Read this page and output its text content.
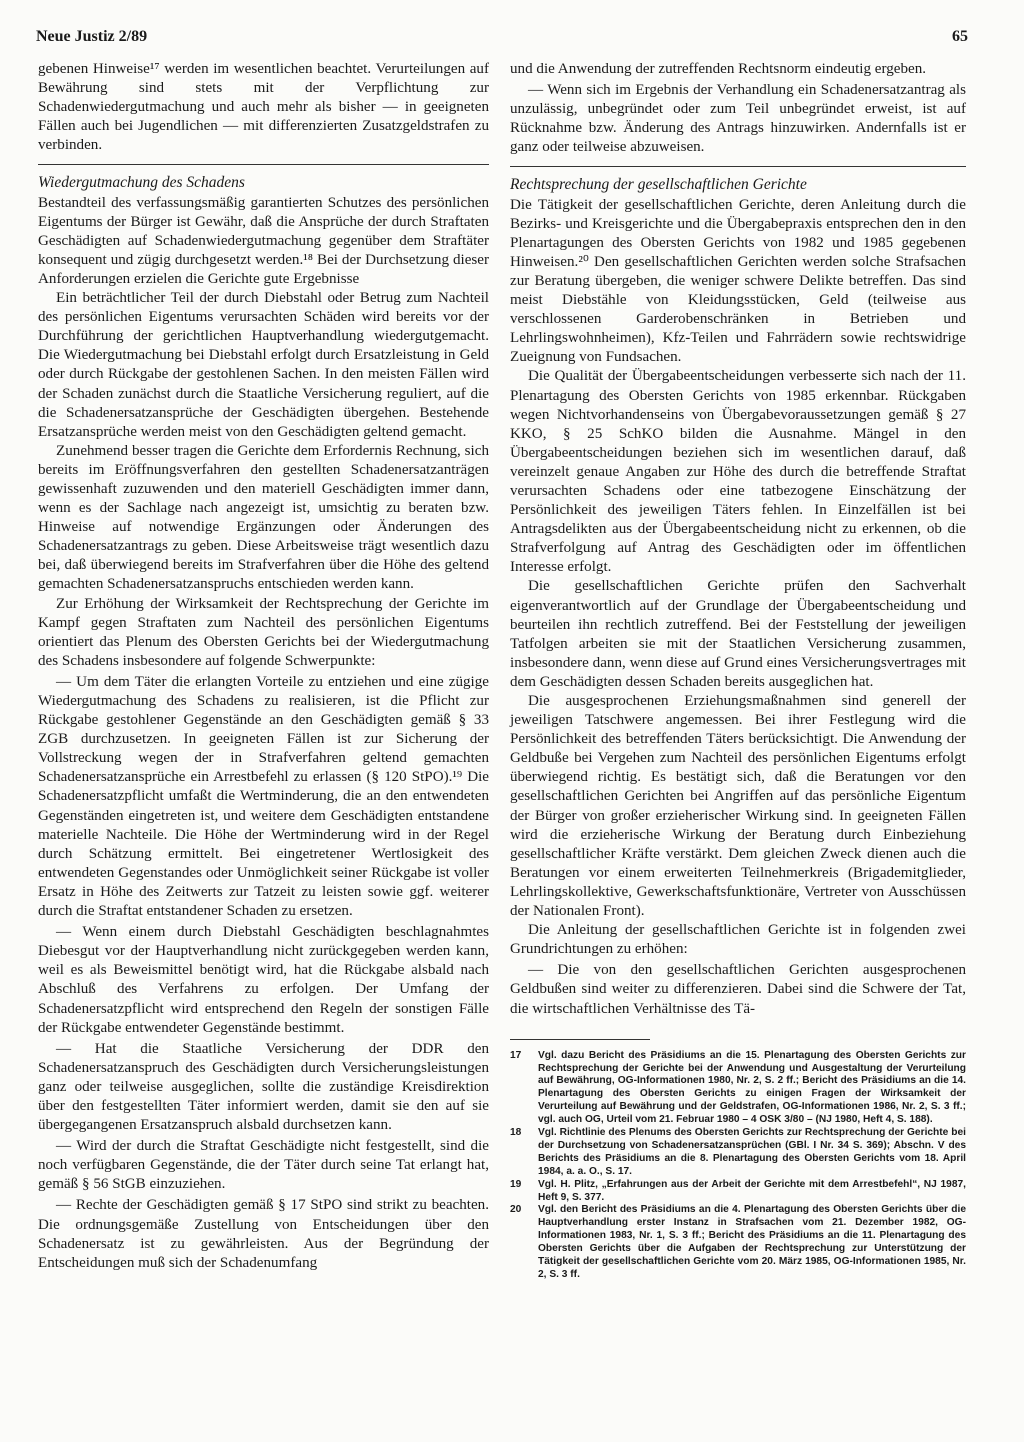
Neue Justiz 2/89	65

gebenen Hinweise¹⁷ werden im wesentlichen beachtet. Verurteilungen auf Bewährung sind stets mit der Verpflichtung zur Schadenwiedergutmachung und auch mehr als bisher — in geeigneten Fällen auch bei Jugendlichen — mit differenzierten Zusatzgeldstrafen zu verbinden.

Wiedergutmachung des Schadens

Bestandteil des verfassungsmäßig garantierten Schutzes des persönlichen Eigentums der Bürger ist Gewähr, daß die Ansprüche der durch Straftaten Geschädigten auf Schadenwiedergutmachung gegenüber dem Straftäter konsequent und zügig durchgesetzt werden.¹⁸ Bei der Durchsetzung dieser Anforderungen erzielen die Gerichte gute Ergebnisse

Ein beträchtlicher Teil der durch Diebstahl oder Betrug zum Nachteil des persönlichen Eigentums verursachten Schäden wird bereits vor der Durchführung der gerichtlichen Hauptverhandlung wiedergutgemacht. Die Wiedergutmachung bei Diebstahl erfolgt durch Ersatzleistung in Geld oder durch Rückgabe der gestohlenen Sachen. In den meisten Fällen wird der Schaden zunächst durch die Staatliche Versicherung reguliert, auf die die Schadenersatzansprüche der Geschädigten übergehen. Bestehende Ersatzansprüche werden meist von den Geschädigten geltend gemacht.

Zunehmend besser tragen die Gerichte dem Erfordernis Rechnung, sich bereits im Eröffnungsverfahren den gestellten Schadenersatzanträgen gewissenhaft zuzuwenden und den materiell Geschädigten immer dann, wenn es der Sachlage nach angezeigt ist, umsichtig zu beraten bzw. Hinweise auf notwendige Ergänzungen oder Änderungen des Schadenersatzantrags zu geben. Diese Arbeitsweise trägt wesentlich dazu bei, daß überwiegend bereits im Strafverfahren über die Höhe des geltend gemachten Schadenersatzanspruchs entschieden werden kann.

Zur Erhöhung der Wirksamkeit der Rechtsprechung der Gerichte im Kampf gegen Straftaten zum Nachteil des persönlichen Eigentums orientiert das Plenum des Obersten Gerichts bei der Wiedergutmachung des Schadens insbesondere auf folgende Schwerpunkte:

— Um dem Täter die erlangten Vorteile zu entziehen und eine zügige Wiedergutmachung des Schadens zu realisieren, ist die Pflicht zur Rückgabe gestohlener Gegenstände an den Geschädigten gemäß § 33 ZGB durchzusetzen. In geeigneten Fällen ist zur Sicherung der Vollstreckung wegen der in Strafverfahren geltend gemachten Schadenersatzansprüche ein Arrestbefehl zu erlassen (§ 120 StPO).¹⁹ Die Schadenersatzpflicht umfaßt die Wertminderung, die an den entwendeten Gegenständen eingetreten ist, und weitere dem Geschädigten entstandene materielle Nachteile. Die Höhe der Wertminderung wird in der Regel durch Schätzung ermittelt. Bei eingetretener Wertlosigkeit des entwendeten Gegenstandes oder Unmöglichkeit seiner Rückgabe ist voller Ersatz in Höhe des Zeitwerts zur Tatzeit zu leisten sowie ggf. weiterer durch die Straftat entstandener Schaden zu ersetzen.

— Wenn einem durch Diebstahl Geschädigten beschlagnahmtes Diebesgut vor der Hauptverhandlung nicht zurückgegeben werden kann, weil es als Beweismittel benötigt wird, hat die Rückgabe alsbald nach Abschluß des Verfahrens zu erfolgen. Der Umfang der Schadenersatzpflicht wird entsprechend den Regeln der sonstigen Fälle der Rückgabe entwendeter Gegenstände bestimmt.

— Hat die Staatliche Versicherung der DDR den Schadenersatzanspruch des Geschädigten durch Versicherungsleistungen ganz oder teilweise ausgeglichen, sollte die zuständige Kreisdirektion über den festgestellten Täter informiert werden, damit sie den auf sie übergegangenen Ersatzanspruch alsbald durchsetzen kann.

— Wird der durch die Straftat Geschädigte nicht festgestellt, sind die noch verfügbaren Gegenstände, die der Täter durch seine Tat erlangt hat, gemäß § 56 StGB einzuziehen.

— Rechte der Geschädigten gemäß § 17 StPO sind strikt zu beachten. Die ordnungsgemäße Zustellung von Entscheidungen über den Schadenersatz ist zu gewährleisten. Aus der Begründung der Entscheidungen muß sich der Schadenumfang

und die Anwendung der zutreffenden Rechtsnorm eindeutig ergeben.

— Wenn sich im Ergebnis der Verhandlung ein Schadenersatzantrag als unzulässig, unbegründet oder zum Teil unbegründet erweist, ist auf Rücknahme bzw. Änderung des Antrags hinzuwirken. Andernfalls ist er ganz oder teilweise abzuweisen.

Rechtsprechung der gesellschaftlichen Gerichte

Die Tätigkeit der gesellschaftlichen Gerichte, deren Anleitung durch die Bezirks- und Kreisgerichte und die Übergabepraxis entsprechen den in den Plenartagungen des Obersten Gerichts von 1982 und 1985 gegebenen Hinweisen.²⁰ Den gesellschaftlichen Gerichten werden solche Strafsachen zur Beratung übergeben, die weniger schwere Delikte betreffen. Das sind meist Diebstähle von Kleidungsstücken, Geld (teilweise aus verschlossenen Garderobenschränken in Betrieben und Lehrlingswohnheimen), Kfz-Teilen und Fahrrädern sowie rechtswidrige Zueignung von Fundsachen.

Die Qualität der Übergabeentscheidungen verbesserte sich nach der 11. Plenartagung des Obersten Gerichts von 1985 erkennbar. Rückgaben wegen Nichtvorhandenseins von Übergabevoraussetzungen gemäß § 27 KKO, § 25 SchKO bilden die Ausnahme. Mängel in den Übergabeentscheidungen beziehen sich im wesentlichen darauf, daß vereinzelt genaue Angaben zur Höhe des durch die betreffende Straftat verursachten Schadens oder eine tatbezogene Einschätzung der Persönlichkeit des jeweiligen Täters fehlen. In Einzelfällen ist bei Antragsdelikten aus der Übergabeentscheidung nicht zu erkennen, ob die Strafverfolgung auf Antrag des Geschädigten oder im öffentlichen Interesse erfolgt.

Die gesellschaftlichen Gerichte prüfen den Sachverhalt eigenverantwortlich auf der Grundlage der Übergabeentscheidung und beurteilen ihn rechtlich zutreffend. Bei der Feststellung der jeweiligen Tatfolgen arbeiten sie mit der Staatlichen Versicherung zusammen, insbesondere dann, wenn diese auf Grund eines Versicherungsvertrages mit dem Geschädigten dessen Schaden bereits ausgeglichen hat.

Die ausgesprochenen Erziehungsmaßnahmen sind generell der jeweiligen Tatschwere angemessen. Bei ihrer Festlegung wird die Persönlichkeit des betreffenden Täters berücksichtigt. Die Anwendung der Geldbuße bei Vergehen zum Nachteil des persönlichen Eigentums erfolgt überwiegend richtig. Es bestätigt sich, daß die Beratungen vor den gesellschaftlichen Gerichten bei Angriffen auf das persönliche Eigentum der Bürger von großer erzieherischer Wirkung sind. In geeigneten Fällen wird die erzieherische Wirkung der Beratung durch Einbeziehung gesellschaftlicher Kräfte verstärkt. Dem gleichen Zweck dienen auch die Beratungen vor einem erweiterten Teilnehmerkreis (Brigademitglieder, Lehrlingskollektive, Gewerkschaftsfunktionäre, Vertreter von Ausschüssen der Nationalen Front).

Die Anleitung der gesellschaftlichen Gerichte ist in folgenden zwei Grundrichtungen zu erhöhen:

— Die von den gesellschaftlichen Gerichten ausgesprochenen Geldbußen sind weiter zu differenzieren. Dabei sind die Schwere der Tat, die wirtschaftlichen Verhältnisse des Tä-

17	Vgl. dazu Bericht des Präsidiums an die 15. Plenartagung des Obersten Gerichts zur Rechtsprechung der Gerichte bei der Anwendung und Ausgestaltung der Verurteilung auf Bewährung, OG-Informationen 1980, Nr. 2, S. 2 ff.; Bericht des Präsidiums an die 14. Plenartagung des Obersten Gerichts zu einigen Fragen der Wirksamkeit der Verurteilung auf Bewährung und der Geldstrafen, OG-Informationen 1986, Nr. 2, S. 3 ff.; vgl. auch OG, Urteil vom 21. Februar 1980 – 4 OSK 3/80 – (NJ 1980, Heft 4, S. 188).
18	Vgl. Richtlinie des Plenums des Obersten Gerichts zur Rechtsprechung der Gerichte bei der Durchsetzung von Schadenersatzansprüchen (GBl. I Nr. 34 S. 369); Abschn. V des Berichts des Präsidiums an die 8. Plenartagung des Obersten Gerichts vom 18. April 1984, a. a. O., S. 17.
19	Vgl. H. Plitz, „Erfahrungen aus der Arbeit der Gerichte mit dem Arrestbefehl“, NJ 1987, Heft 9, S. 377.
20	Vgl. den Bericht des Präsidiums an die 4. Plenartagung des Obersten Gerichts über die Hauptverhandlung erster Instanz in Strafsachen vom 21. Dezember 1982, OG-Informationen 1983, Nr. 1, S. 3 ff.; Bericht des Präsidiums an die 11. Plenartagung des Obersten Gerichts über die Aufgaben der Rechtsprechung zur Unterstützung der Tätigkeit der gesellschaftlichen Gerichte vom 20. März 1985, OG-Informationen 1985, Nr. 2, S. 3 ff.
